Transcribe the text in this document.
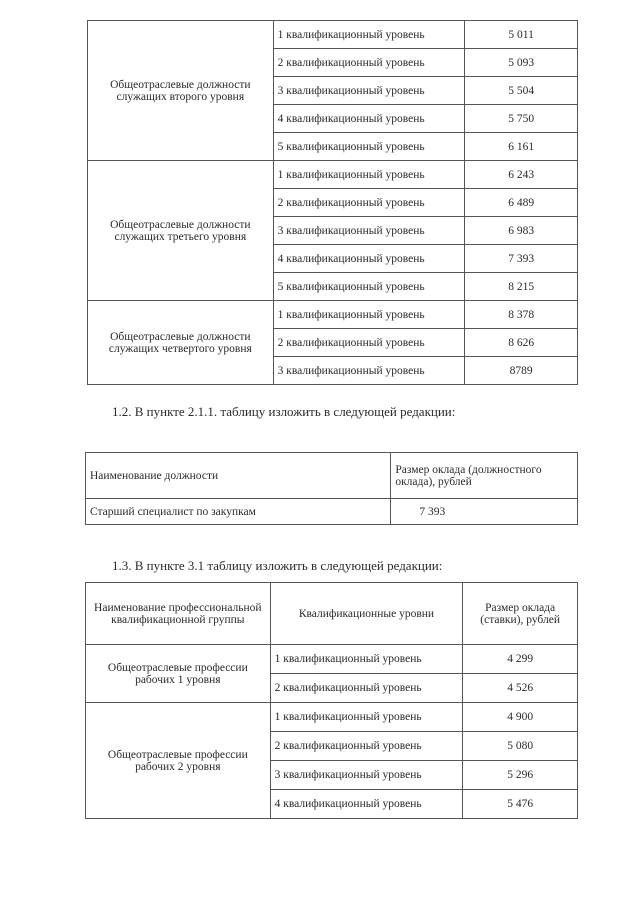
Общеотраслевые должности служащих второго уровня	1 квалификационный уровень	5 011
	2 квалификационный уровень	5 093
	3 квалификационный уровень	5 504
	4 квалификационный уровень	5 750
	5 квалификационный уровень	6 161
Общеотраслевые должности служащих третьего уровня	1 квалификационный уровень	6 243
	2 квалификационный уровень	6 489
	3 квалификационный уровень	6 983
	4 квалификационный уровень	7 393
	5 квалификационный уровень	8 215
Общеотраслевые должности служащих четвертого уровня	1 квалификационный уровень	8 378
	2 квалификационный уровень	8 626
	3 квалификационный уровень	8789
1.2. В пункте 2.1.1. таблицу изложить в следующей редакции:
Наименование должности	Размер оклада (должностного оклада), рублей
Старший специалист по закупкам	7 393
1.3. В пункте 3.1 таблицу изложить в следующей редакции:
Наименование профессиональной квалификационной группы	Квалификационные уровни	Размер оклада (ставки), рублей
Общеотраслевые профессии рабочих 1 уровня	1 квалификационный уровень	4 299
	2 квалификационный уровень	4 526
Общеотраслевые профессии рабочих 2 уровня	1 квалификационный уровень	4 900
	2 квалификационный уровень	5 080
	3 квалификационный уровень	5 296
	4 квалификационный уровень	5 476
